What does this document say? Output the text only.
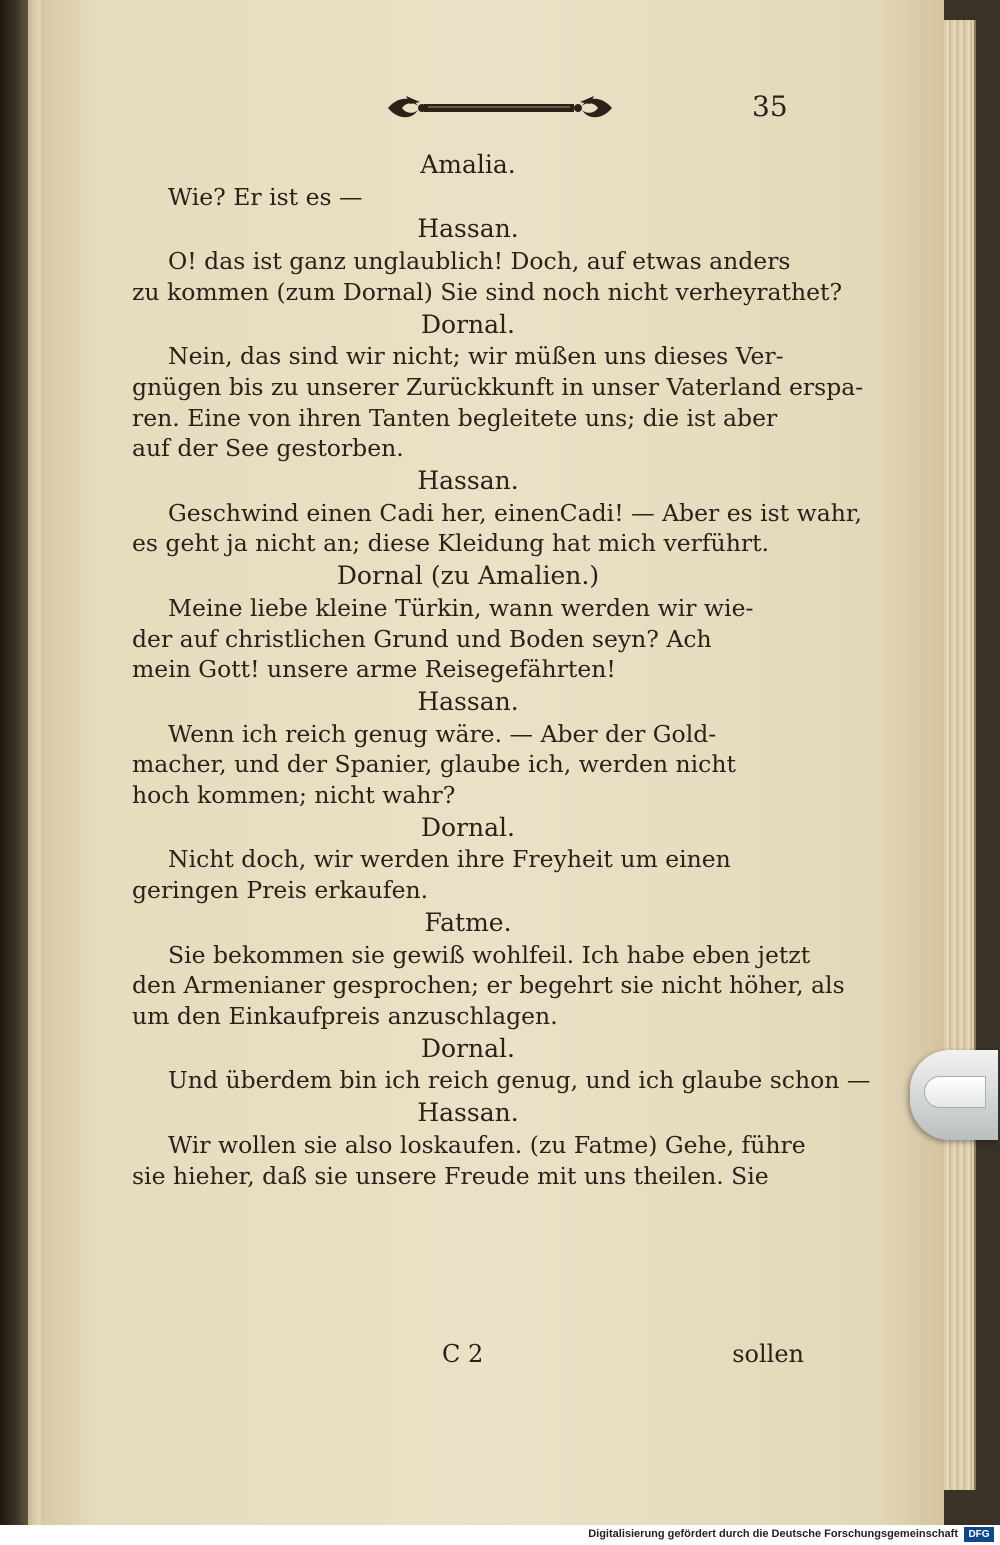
35
Amalia.
Wie? Er ist es —
Hassan.
O! das ist ganz unglaublich! Doch, auf etwas anders
zu kommen (zum Dornal) Sie sind noch nicht verheyrathet?
Dornal.
Nein, das sind wir nicht; wir müßen uns dieses Ver-
gnügen bis zu unserer Zurückkunft in unser Vaterland erspa-
ren. Eine von ihren Tanten begleitete uns; die ist aber
auf der See gestorben.
Hassan.
Geschwind einen Cadi her, einenCadi! — Aber es ist wahr,
es geht ja nicht an; diese Kleidung hat mich verführt.
Dornal (zu Amalien.)
Meine liebe kleine Türkin, wann werden wir wie-
der auf christlichen Grund und Boden seyn? Ach
mein Gott! unsere arme Reisegefährten!
Hassan.
Wenn ich reich genug wäre. — Aber der Gold-
macher, und der Spanier, glaube ich, werden nicht
hoch kommen; nicht wahr?
Dornal.
Nicht doch, wir werden ihre Freyheit um einen
geringen Preis erkaufen.
Fatme.
Sie bekommen sie gewiß wohlfeil. Ich habe eben jetzt
den Armenianer gesprochen; er begehrt sie nicht höher, als
um den Einkaufpreis anzuschlagen.
Dornal.
Und überdem bin ich reich genug, und ich glaube schon —
Hassan.
Wir wollen sie also loskaufen. (zu Fatme) Gehe, führe
sie hieher, daß sie unsere Freude mit uns theilen. Sie
C 2	sollen
Digitalisierung gefördert durch die Deutsche Forschungsgemeinschaft	DFG
